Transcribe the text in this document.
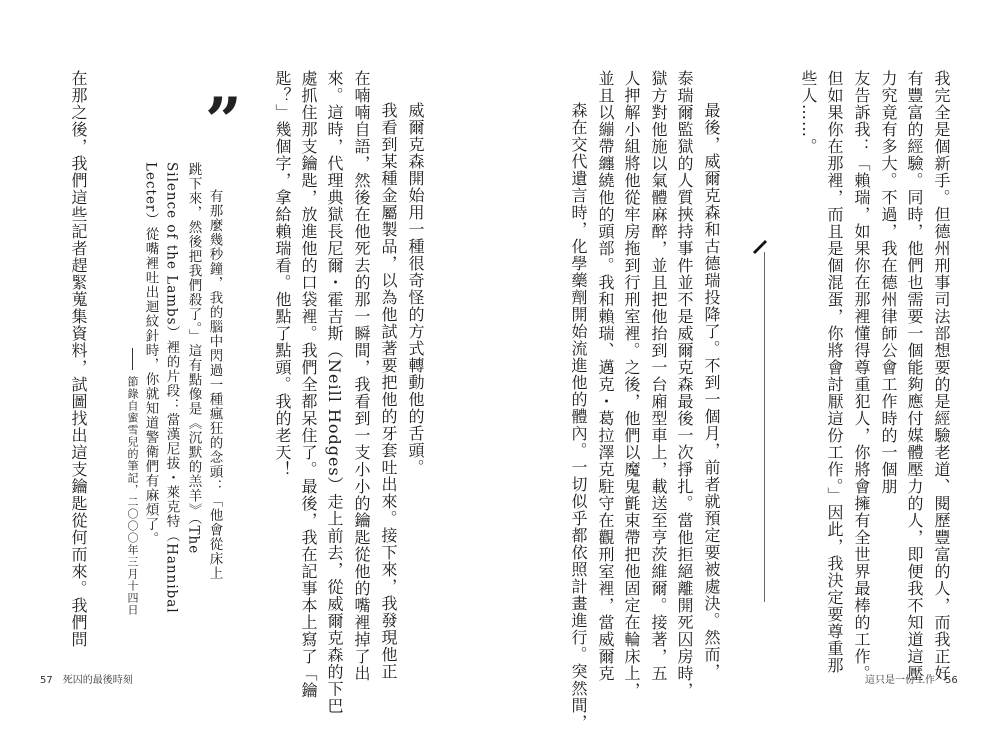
在那之後，我們這些記者趕緊蒐集資料，試圖找出這支鑰匙從何而來。我們問	節錄自蜜雪兒的筆記，二〇〇〇年三月十四日 Lecter）從嘴裡吐出迴紋針時，你就知道警衛們有麻煩了。 Silence of the Lambs）裡的片段：當漢尼拔・萊克特（Hannibal 跳下來，然後把我們殺了。」這有點像是《沉默的羔羊》（The 有那麼幾秒鐘，我的腦中閃過一種瘋狂的念頭：「他會從床上
” 匙？」幾個字，拿給賴瑞看。他點了點頭。我的老天！ 處抓住那支鑰匙，放進他的口袋裡。我們全都呆住了。最後，我在記事本上寫了「鑰 來。這時，代理典獄長尼爾・霍吉斯（Neill Hodges）走上前去，從威爾克森的下巴 在喃喃自語，然後在他死去的那一瞬間，我看到一支小小的鑰匙從他的嘴裡掉了出 我看到某種金屬製品，以為他試著要把他的牙套吐出來。接下來，我發現他正 威爾克森開始用一種很奇怪的方式轉動他的舌頭。
57 死囚的最後時刻	森在交代遺言時，化學藥劑開始流進他的體內。一切似乎都依照計畫進行。突然間， 並且以繃帶纏繞他的頭部。我和賴瑞、邁克・葛拉澤克駐守在觀刑室裡，當威爾克 人押解小組將他從牢房拖到行刑室裡。之後，他們以魔鬼氈束帶把他固定在輪床上， 獄方對他施以氣體麻醉，並且把他抬到一台廂型車上，載送至亨茨維爾。接著，五 泰瑞爾監獄的人質挾持事件並不是威爾克森最後一次掙扎。當他拒絕離開死囚房時， 最後，威爾克森和古德瑞投降了。不到一個月，前者就預定要被處決。然而，	些人……。 但如果你在那裡，而且是個混蛋，你將會討厭這份工作。」因此，我決定要尊重那 友告訴我：「賴瑞，如果你在那裡懂得尊重犯人，你將會擁有全世界最棒的工作。 力究竟有多大。不過，我在德州律師公會工作時的一個朋 有豐富的經驗。同時，他們也需要一個能夠應付媒體壓力的人，即便我不知道這壓 我完全是個新手。但德州刑事司法部想要的是經驗老道、閱歷豐富的人，而我正好
這只是一份工作 56
